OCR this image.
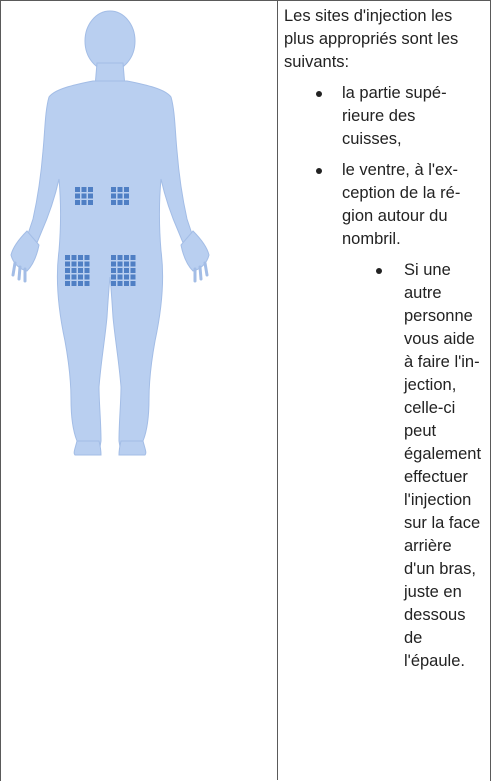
Les sites d'injection les plus appropriés sont les suivants:

la partie supérieure des cuisses,
le ventre, à l'exception de la région autour du nombril.
Si une autre personne vous aide à faire l'injection, celle-ci peut également effectuer l'injection sur la face arrière d'un bras, juste en dessous de l'épaule.
